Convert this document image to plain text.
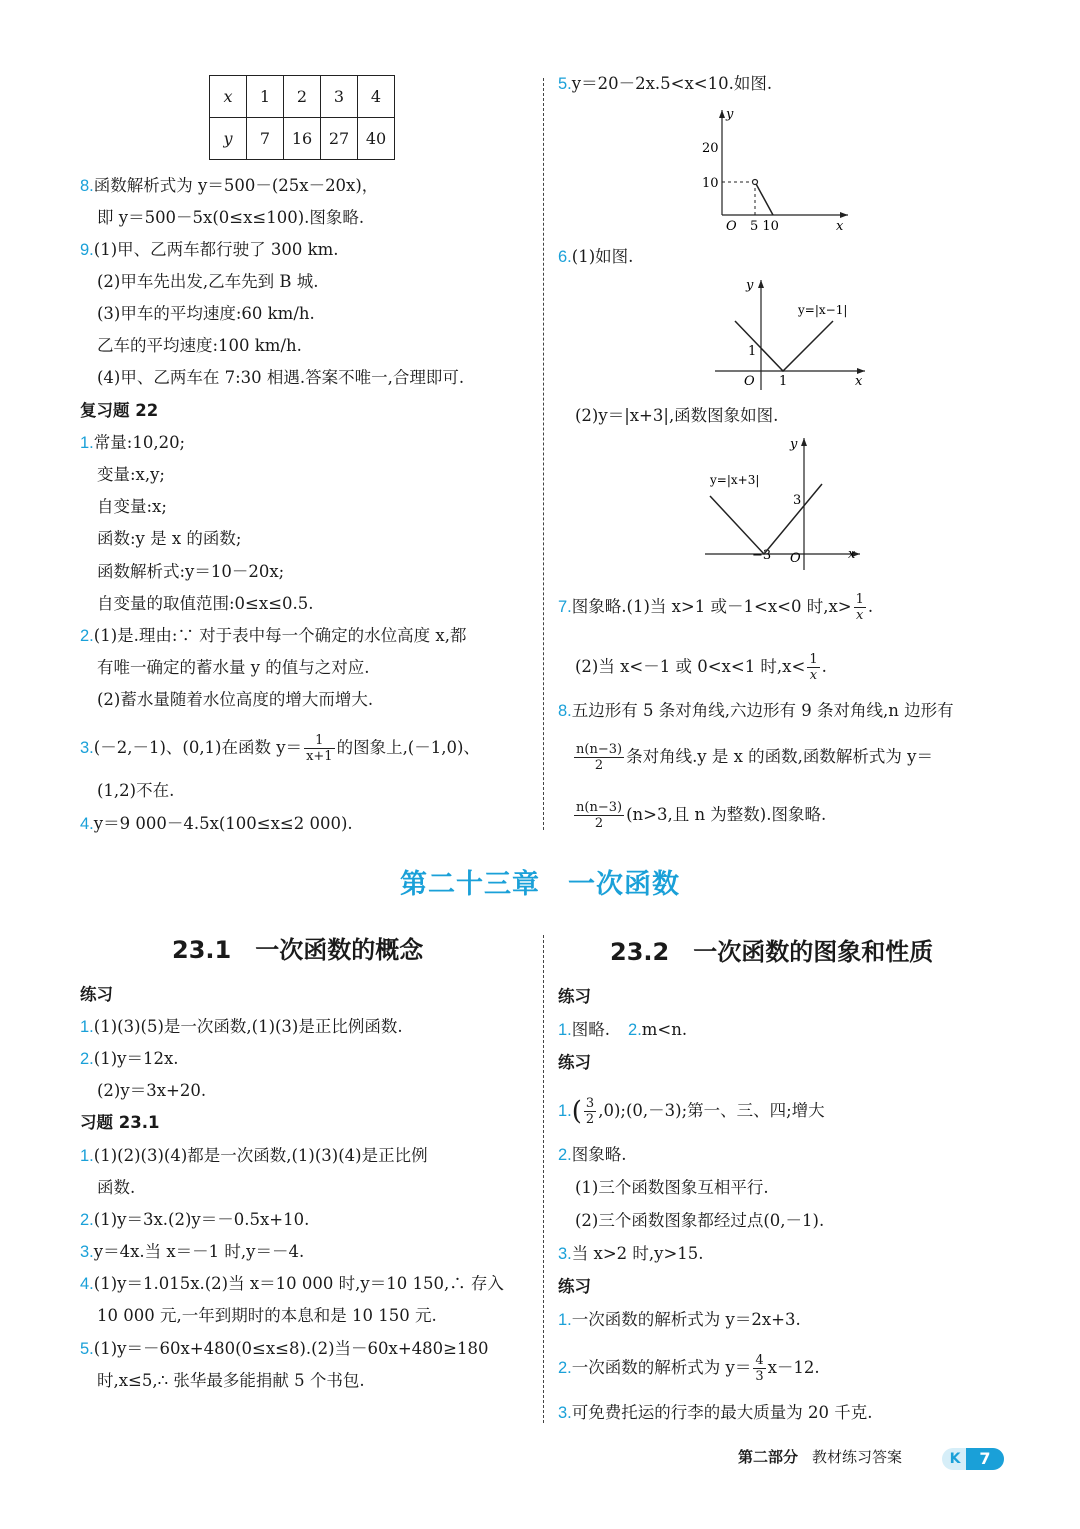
x	1	2	3	4
y	7	16	27	40
8.函数解析式为 y＝500－(25x－20x)，
即 y＝500－5x(0≤x≤100).图象略.
9.(1)甲、乙两车都行驶了 300 km.
(2)甲车先出发,乙车先到 B 城.
(3)甲车的平均速度:60 km/h.
乙车的平均速度:100 km/h.
(4)甲、乙两车在 7:30 相遇.答案不唯一,合理即可.
复习题 22
1.常量:10,20;
变量:x,y;
自变量:x;
函数:y 是 x 的函数;
函数解析式:y＝10－20x;
自变量的取值范围:0≤x≤0.5.
2.(1)是.理由:∵ 对于表中每一个确定的水位高度 x,都
有唯一确定的蓄水量 y 的值与之对应.
(2)蓄水量随着水位高度的增大而增大.
3.(－2,－1)、(0,1)在函数 $y= \frac{1}{x+1}$ 的图象上,(－1,0)、
(1,2)不在.
4.y＝9 000－4.5x(100≤x≤2 000).
5.y＝20－2x.5<x<10.如图.
y
x
20
10
O 5 10
6.(1)如图.
y
x
y=|x−1|
1
O 1
(2)y＝|x+3|,函数图象如图.
y
x
y=|x+3|
3
−3 O
7.图象略.(1)当 x>1 或－1<x<0 时$,x> \frac{1}{x}$ .
(2)当 x<－1 或 0<x<1 时$,x< \frac{1}{x}$ .
8.五边形有 5 条对角线,六边形有 9 条对角线,n 边形有
$\frac{n(n-3)}{2}$ 条对角线.y 是 x 的函数,函数解析式为 y＝
$\frac{n(n-3)}{2} (n>3$,且 n 为整数).图象略.
第二十三章　一次函数
23.1　一次函数的概念
练习
1.(1)(3)(5)是一次函数,(1)(3)是正比例函数.
2.(1)y＝12x.
(2)y＝3x+20.
习题 23.1
1.(1)(2)(3)(4)都是一次函数,(1)(3)(4)是正比例
函数.
2.(1)y＝3x.(2)y＝－0.5x+10.
3.y＝4x.当 x＝－1 时,y＝－4.
4.(1)y＝1.015x.(2)当 x＝10 000 时,y＝10 150,∴ 存入
10 000 元,一年到期时的本息和是 10 150 元.
5.(1)y＝－60x+480(0≤x≤8).(2)当－60x+480≥180
时,x≤5,∴ 张华最多能捐献 5 个书包.
23.2　一次函数的图象和性质
练习
1.图略. 2.m<n.
练习
$1.( \frac{3}{2}$ ,0);(0,－3);第一、三、四;增大
2.图象略.
(1)三个函数图象互相平行.
(2)三个函数图象都经过点(0,－1).
3.当 x>2 时,y>15.
练习
1.一次函数的解析式为 y＝2x+3.
2.一次函数的解析式为 $y= \frac{4}{3} x-12$.
3.可免费托运的行李的最大质量为 20 千克.
第二部分 教材练习答案	K	7
